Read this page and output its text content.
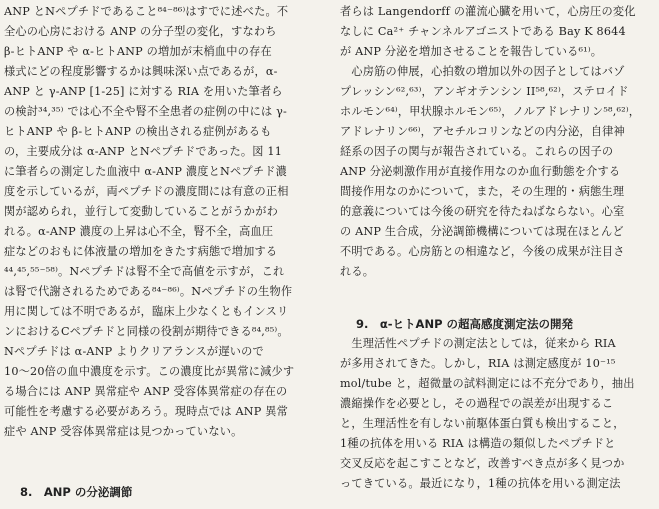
ANP とNペプチドであること⁸⁴⁻⁸⁶⁾はすでに述べた。不
全心の心房における ANP の分子型の変化，すなわち
β-ヒトANP や α-ヒトANP の増加が末梢血中の存在
様式にどの程度影響するかは興味深い点であるが，α-
ANP と γ-ANP [1-25] に対する RIA を用いた筆者ら
の検討³⁴,³⁵⁾ では心不全や腎不全患者の症例の中には γ-
ヒトANP や β-ヒトANP の検出される症例があるも
の，主要成分は α-ANP とNペプチドであった。図 11
に筆者らの測定した血液中 α-ANP 濃度とNペプチド濃
度を示しているが，両ペプチドの濃度間には有意の正相
関が認められ，並行して変動していることがうかがわ
れる。α-ANP 濃度の上昇は心不全，腎不全，高血圧
症などのおもに体液量の増加をきたす病態で増加する
⁴⁴,⁴⁵,⁵⁵⁻⁵⁸⁾。Nペプチドは腎不全で高値を示すが，これ
は腎で代謝されるためである⁸⁴⁻⁸⁶⁾。Nペプチドの生物作
用に関しては不明であるが，臨床上少なくともインスリ
ンにおけるCペプチドと同様の役割が期待できる⁸⁴,⁸⁵⁾。
Nペプチドは α-ANP よりクリアランスが遅いので
10～20倍の血中濃度を示す。この濃度比が異常に減少す
る場合には ANP 異常症や ANP 受容体異常症の存在の
可能性を考慮する必要があろう。現時点では ANP 異常
症や ANP 受容体異常症は見つかっていない。
8.　ANP の分泌調節
者らは Langendorff の灌流心臓を用いて，心房圧の変化
なしに Ca²⁺ チャンネルアゴニストである Bay K 8644
が ANP 分泌を増加させることを報告している⁶¹⁾。
　心房筋の伸展，心拍数の増加以外の因子としてはバゾ
プレッシン⁶²,⁶³⁾，アンギオテンシン II⁵⁸,⁶²⁾，ステロイド
ホルモン⁶⁴⁾，甲状腺ホルモン⁶⁵⁾，ノルアドレナリン⁵⁸,⁶²⁾，
アドレナリン⁶⁶⁾，アセチルコリンなどの内分泌，自律神
経系の因子の関与が報告されている。これらの因子の
ANP 分泌刺激作用が直接作用なのか血行動態を介する
間接作用なのかについて，また，その生理的・病態生理
的意義については今後の研究を待たねばならない。心室
の ANP 生合成，分泌調節機構については現在ほとんど
不明である。心房筋との相違など，今後の成果が注目さ
れる。
9.　α-ヒトANP の超高感度測定法の開発
　生理活性ペプチドの測定法としては，従来から RIA
が多用されてきた。しかし，RIA は測定感度が 10⁻¹⁵
mol/tube と，超微量の試料測定には不充分であり，抽出
濃縮操作を必要とし，その過程での誤差が出現するこ
と，生理活性を有しない前駆体蛋白質も検出すること，
1種の抗体を用いる RIA は構造の類似したペプチドと
交叉反応を起こすことなど，改善すべき点が多く見つか
ってきている。最近になり，1種の抗体を用いる測定法
